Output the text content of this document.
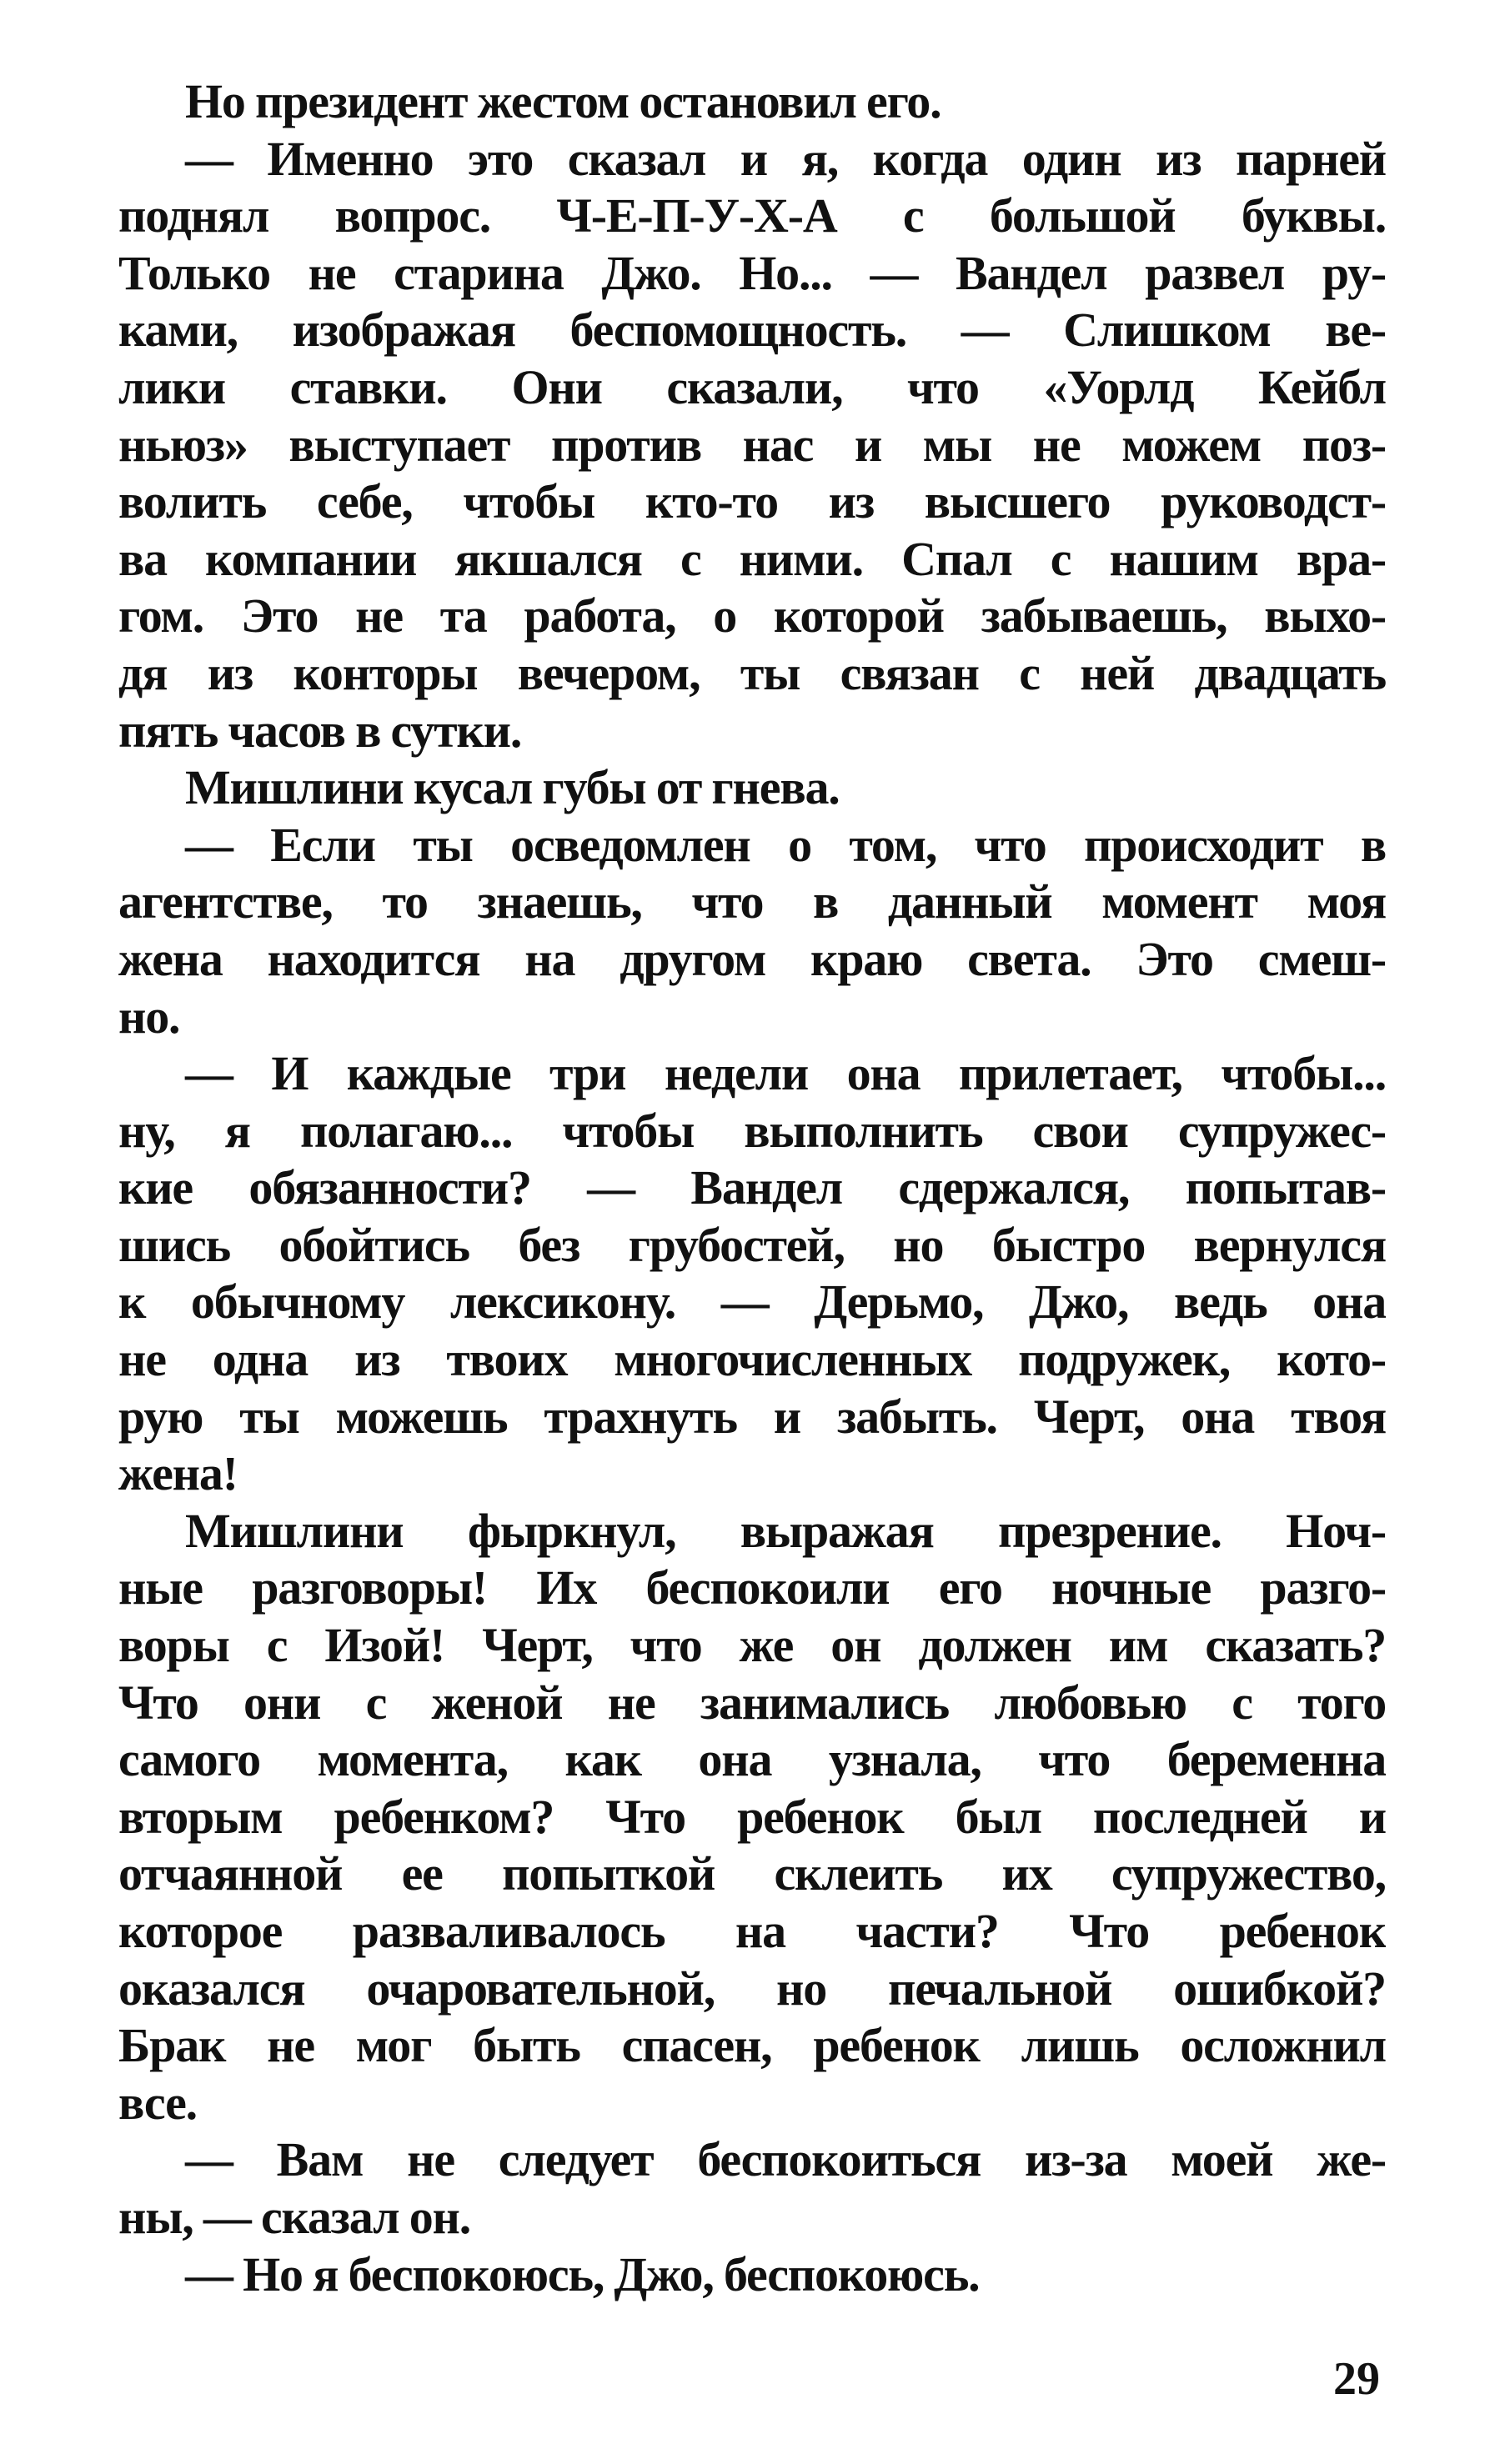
Но президент жестом остановил его.
— Именно это сказал и я, когда один из парней
поднял вопрос. Ч-Е-П-У-Х-А с большой буквы.
Только не старина Джо. Но... — Вандел развел ру-
ками, изображая беспомощность. — Слишком ве-
лики ставки. Они сказали, что «Уорлд Кейбл
ньюз» выступает против нас и мы не можем поз-
волить себе, чтобы кто-то из высшего руководст-
ва компании якшался с ними. Спал с нашим вра-
гом. Это не та работа, о которой забываешь, выхо-
дя из конторы вечером, ты связан с ней двадцать
пять часов в сутки.
Мишлини кусал губы от гнева.
— Если ты осведомлен о том, что происходит в
агентстве, то знаешь, что в данный момент моя
жена находится на другом краю света. Это смеш-
но.
— И каждые три недели она прилетает, чтобы...
ну, я полагаю... чтобы выполнить свои супружес-
кие обязанности? — Вандел сдержался, попытав-
шись обойтись без грубостей, но быстро вернулся
к обычному лексикону. — Дерьмо, Джо, ведь она
не одна из твоих многочисленных подружек, кото-
рую ты можешь трахнуть и забыть. Черт, она твоя
жена!
Мишлини фыркнул, выражая презрение. Ноч-
ные разговоры! Их беспокоили его ночные разго-
воры с Изой! Черт, что же он должен им сказать?
Что они с женой не занимались любовью с того
самого момента, как она узнала, что беременна
вторым ребенком? Что ребенок был последней и
отчаянной ее попыткой склеить их супружество,
которое разваливалось на части? Что ребенок
оказался очаровательной, но печальной ошибкой?
Брак не мог быть спасен, ребенок лишь осложнил
все.
— Вам не следует беспокоиться из-за моей же-
ны, — сказал он.
— Но я беспокоюсь, Джо, беспокоюсь.
29
